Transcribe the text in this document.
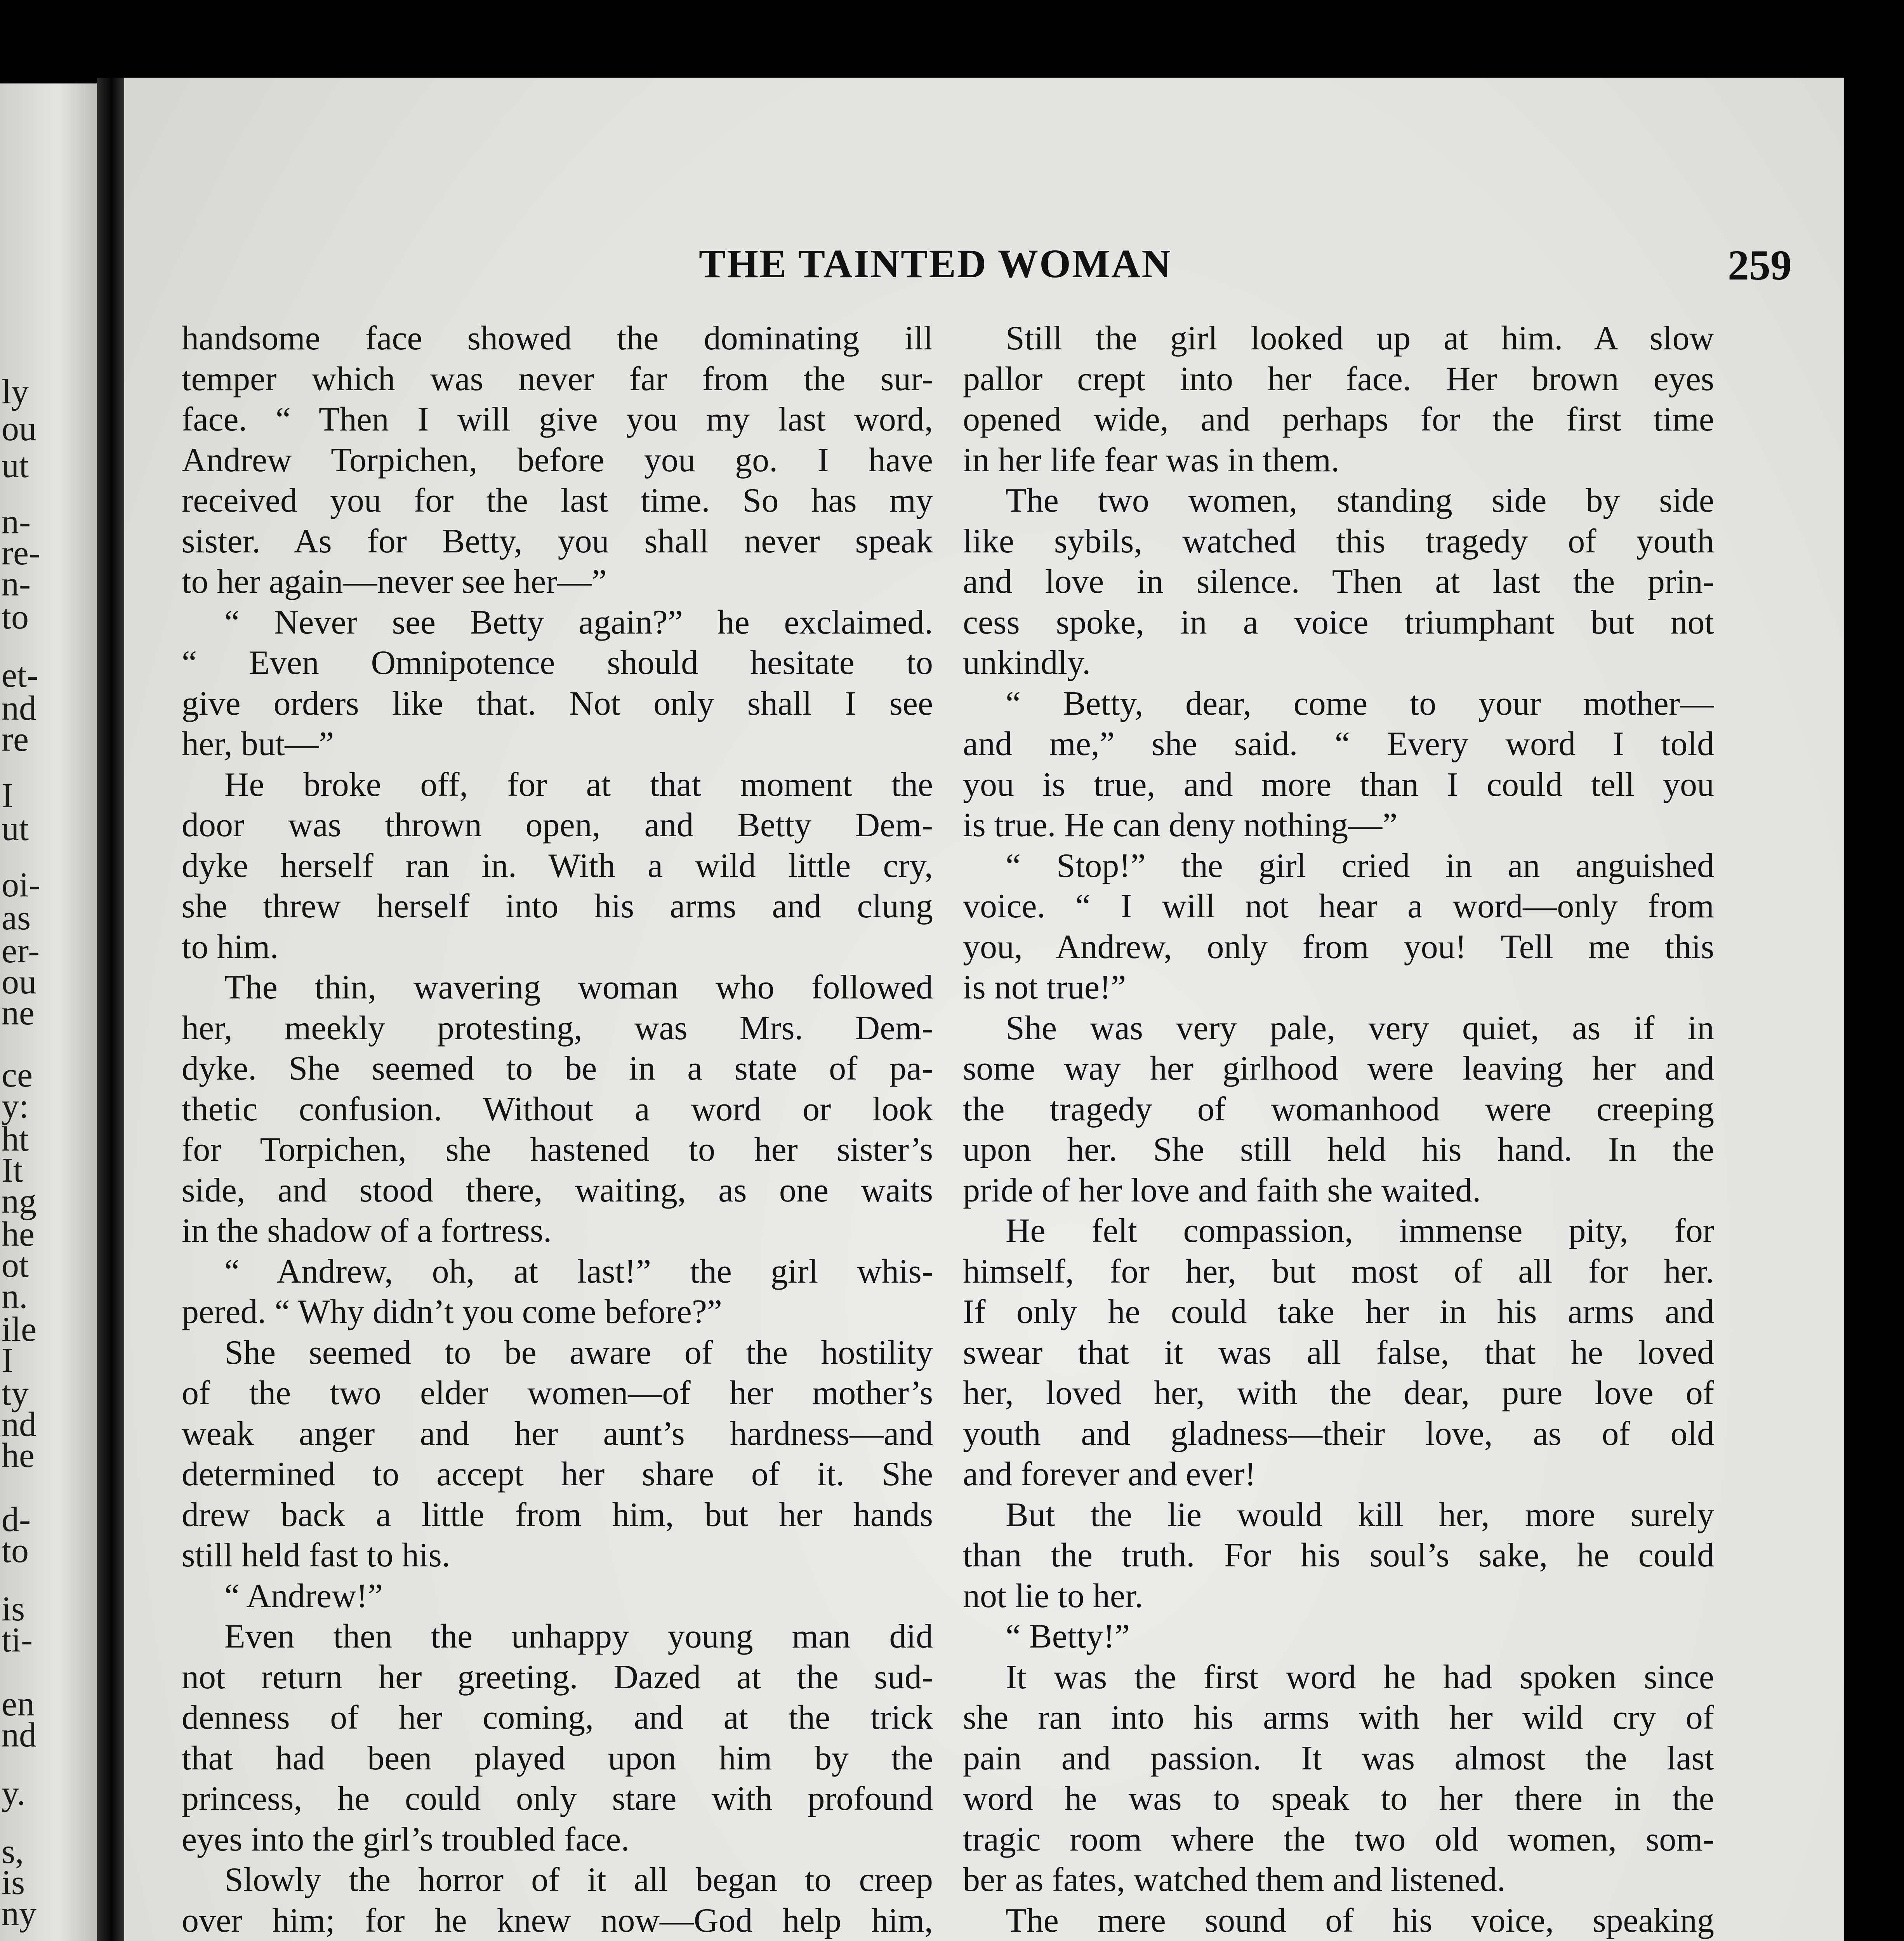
ly
ou
ut
n-
re-
n-
to
et-
nd
re
I
ut
oi-
as
er-
ou
ne
ce
y:
ht
It
ng
he
ot
n.
ile
I
ty
nd
he
d-
to
is
ti-
en
nd
y.
s,
is
ny
THE TAINTED WOMAN	259
handsome face showed the dominating ill
temper which was never far from the sur-
face. “ Then I will give you my last word,
Andrew Torpichen, before you go. I have
received you for the last time. So has my
sister. As for Betty, you shall never speak
to her again—never see her—”
“ Never see Betty again?” he exclaimed.
“ Even Omnipotence should hesitate to
give orders like that. Not only shall I see
her, but—”
He broke off, for at that moment the
door was thrown open, and Betty Dem-
dyke herself ran in. With a wild little cry,
she threw herself into his arms and clung
to him.
The thin, wavering woman who followed
her, meekly protesting, was Mrs. Dem-
dyke. She seemed to be in a state of pa-
thetic confusion. Without a word or look
for Torpichen, she hastened to her sister’s
side, and stood there, waiting, as one waits
in the shadow of a fortress.
“ Andrew, oh, at last!” the girl whis-
pered. “ Why didn’t you come before?”
She seemed to be aware of the hostility
of the two elder women—of her mother’s
weak anger and her aunt’s hardness—and
determined to accept her share of it. She
drew back a little from him, but her hands
still held fast to his.
“ Andrew!”
Even then the unhappy young man did
not return her greeting. Dazed at the sud-
denness of her coming, and at the trick
that had been played upon him by the
princess, he could only stare with profound
eyes into the girl’s troubled face.
Slowly the horror of it all began to creep
over him; for he knew now—God help him,
Still the girl looked up at him. A slow
pallor crept into her face. Her brown eyes
opened wide, and perhaps for the first time
in her life fear was in them.
The two women, standing side by side
like sybils, watched this tragedy of youth
and love in silence. Then at last the prin-
cess spoke, in a voice triumphant but not
unkindly.
“ Betty, dear, come to your mother—
and me,” she said. “ Every word I told
you is true, and more than I could tell you
is true. He can deny nothing—”
“ Stop!” the girl cried in an anguished
voice. “ I will not hear a word—only from
you, Andrew, only from you! Tell me this
is not true!”
She was very pale, very quiet, as if in
some way her girlhood were leaving her and
the tragedy of womanhood were creeping
upon her. She still held his hand. In the
pride of her love and faith she waited.
He felt compassion, immense pity, for
himself, for her, but most of all for her.
If only he could take her in his arms and
swear that it was all false, that he loved
her, loved her, with the dear, pure love of
youth and gladness—their love, as of old
and forever and ever!
But the lie would kill her, more surely
than the truth. For his soul’s sake, he could
not lie to her.
“ Betty!”
It was the first word he had spoken since
she ran into his arms with her wild cry of
pain and passion. It was almost the last
word he was to speak to her there in the
tragic room where the two old women, som-
ber as fates, watched them and listened.
The mere sound of his voice, speaking
